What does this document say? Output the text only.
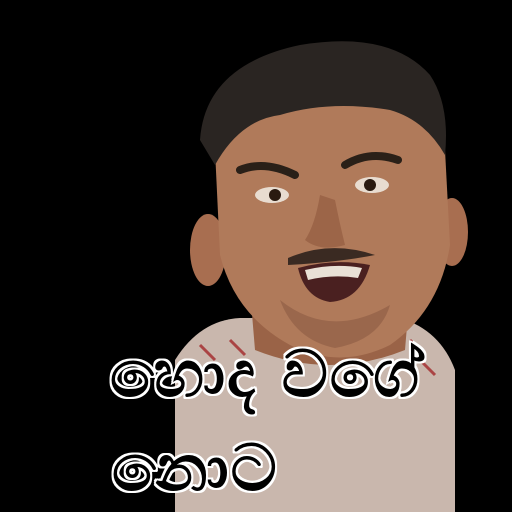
හොද වගේ
නොට
